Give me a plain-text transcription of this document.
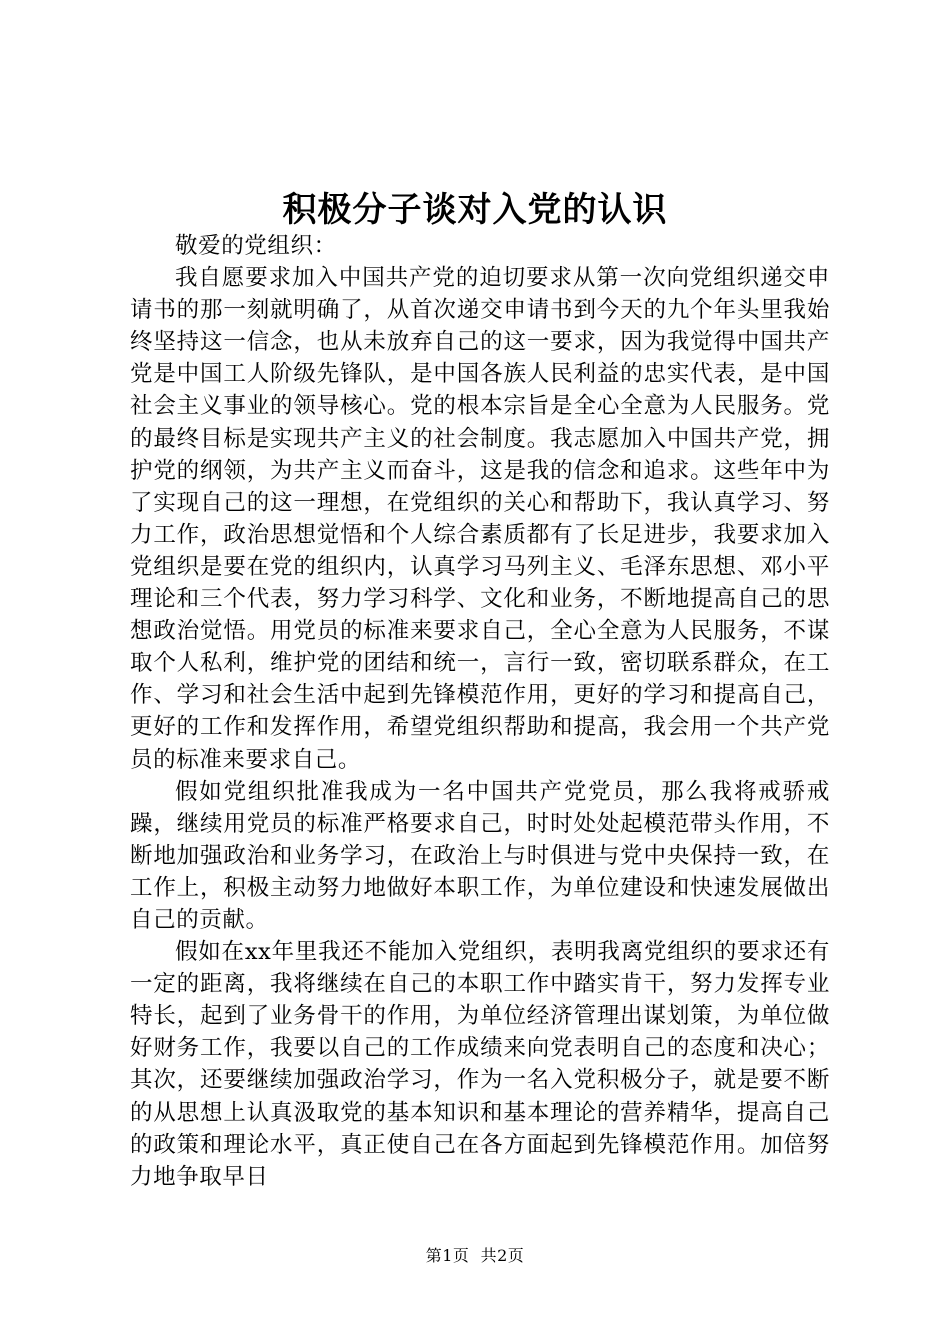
积极分子谈对入党的认识

敬爱的党组织：

我自愿要求加入中国共产党的迫切要求从第一次向党组织递交申请书的那一刻就明确了，从首次递交申请书到今天的九个年头里我始终坚持这一信念，也从未放弃自己的这一要求，因为我觉得中国共产党是中国工人阶级先锋队，是中国各族人民利益的忠实代表，是中国社会主义事业的领导核心。党的根本宗旨是全心全意为人民服务。党的最终目标是实现共产主义的社会制度。我志愿加入中国共产党，拥护党的纲领，为共产主义而奋斗，这是我的信念和追求。这些年中为了实现自己的这一理想，在党组织的关心和帮助下，我认真学习、努力工作，政治思想觉悟和个人综合素质都有了长足进步，我要求加入党组织是要在党的组织内，认真学习马列主义、毛泽东思想、邓小平理论和三个代表，努力学习科学、文化和业务，不断地提高自己的思想政治觉悟。用党员的标准来要求自己，全心全意为人民服务，不谋取个人私利，维护党的团结和统一，言行一致，密切联系群众，在工作、学习和社会生活中起到先锋模范作用，更好的学习和提高自己，更好的工作和发挥作用，希望党组织帮助和提高，我会用一个共产党员的标准来要求自己。

假如党组织批准我成为一名中国共产党党员，那么我将戒骄戒躁，继续用党员的标准严格要求自己，时时处处起模范带头作用，不断地加强政治和业务学习，在政治上与时俱进与党中央保持一致，在工作上，积极主动努力地做好本职工作，为单位建设和快速发展做出自己的贡献。

假如在xx年里我还不能加入党组织，表明我离党组织的要求还有一定的距离，我将继续在自己的本职工作中踏实肯干，努力发挥专业特长，起到了业务骨干的作用，为单位经济管理出谋划策，为单位做好财务工作，我要以自己的工作成绩来向党表明自己的态度和决心；其次，还要继续加强政治学习，作为一名入党积极分子，就是要不断的从思想上认真汲取党的基本知识和基本理论的营养精华，提高自己的政策和理论水平，真正使自己在各方面起到先锋模范作用。加倍努力地争取早日

第1页 共2页
